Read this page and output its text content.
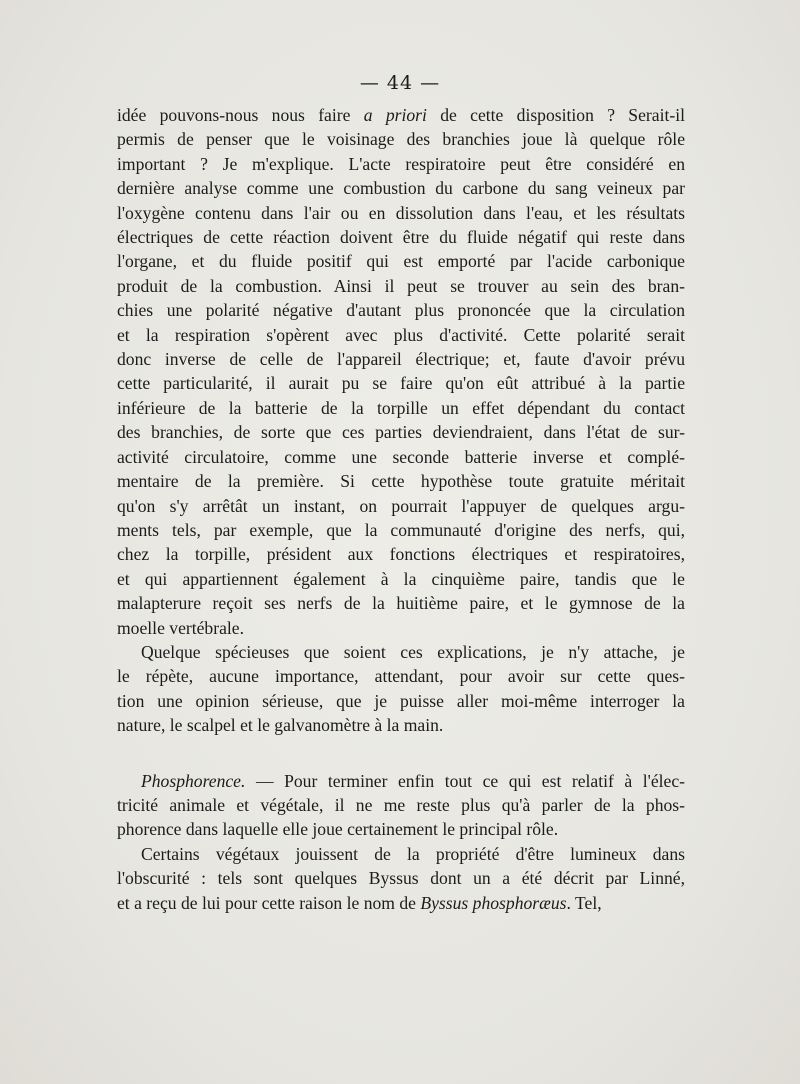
— 44 —

idée pouvons-nous nous faire a priori de cette disposition ? Serait-il
permis de penser que le voisinage des branchies joue là quelque rôle
important ? Je m'explique. L'acte respiratoire peut être considéré en
dernière analyse comme une combustion du carbone du sang veineux par
l'oxygène contenu dans l'air ou en dissolution dans l'eau, et les résultats
électriques de cette réaction doivent être du fluide négatif qui reste dans
l'organe, et du fluide positif qui est emporté par l'acide carbonique
produit de la combustion. Ainsi il peut se trouver au sein des bran-
chies une polarité négative d'autant plus prononcée que la circulation
et la respiration s'opèrent avec plus d'activité. Cette polarité serait
donc inverse de celle de l'appareil électrique; et, faute d'avoir prévu
cette particularité, il aurait pu se faire qu'on eût attribué à la partie
inférieure de la batterie de la torpille un effet dépendant du contact
des branchies, de sorte que ces parties deviendraient, dans l'état de sur-
activité circulatoire, comme une seconde batterie inverse et complé-
mentaire de la première. Si cette hypothèse toute gratuite méritait
qu'on s'y arrêtât un instant, on pourrait l'appuyer de quelques argu-
ments tels, par exemple, que la communauté d'origine des nerfs, qui,
chez la torpille, président aux fonctions électriques et respiratoires,
et qui appartiennent également à la cinquième paire, tandis que le
malapterure reçoit ses nerfs de la huitième paire, et le gymnose de la
moelle vertébrale.

Quelque spécieuses que soient ces explications, je n'y attache, je
le répète, aucune importance, attendant, pour avoir sur cette ques-
tion une opinion sérieuse, que je puisse aller moi-même interroger la
nature, le scalpel et le galvanomètre à la main.

Phosphorence. — Pour terminer enfin tout ce qui est relatif à l'élec-
tricité animale et végétale, il ne me reste plus qu'à parler de la phos-
phorence dans laquelle elle joue certainement le principal rôle.

Certains végétaux jouissent de la propriété d'être lumineux dans
l'obscurité : tels sont quelques Byssus dont un a été décrit par Linné,
et a reçu de lui pour cette raison le nom de Byssus phosphoræus. Tel,
